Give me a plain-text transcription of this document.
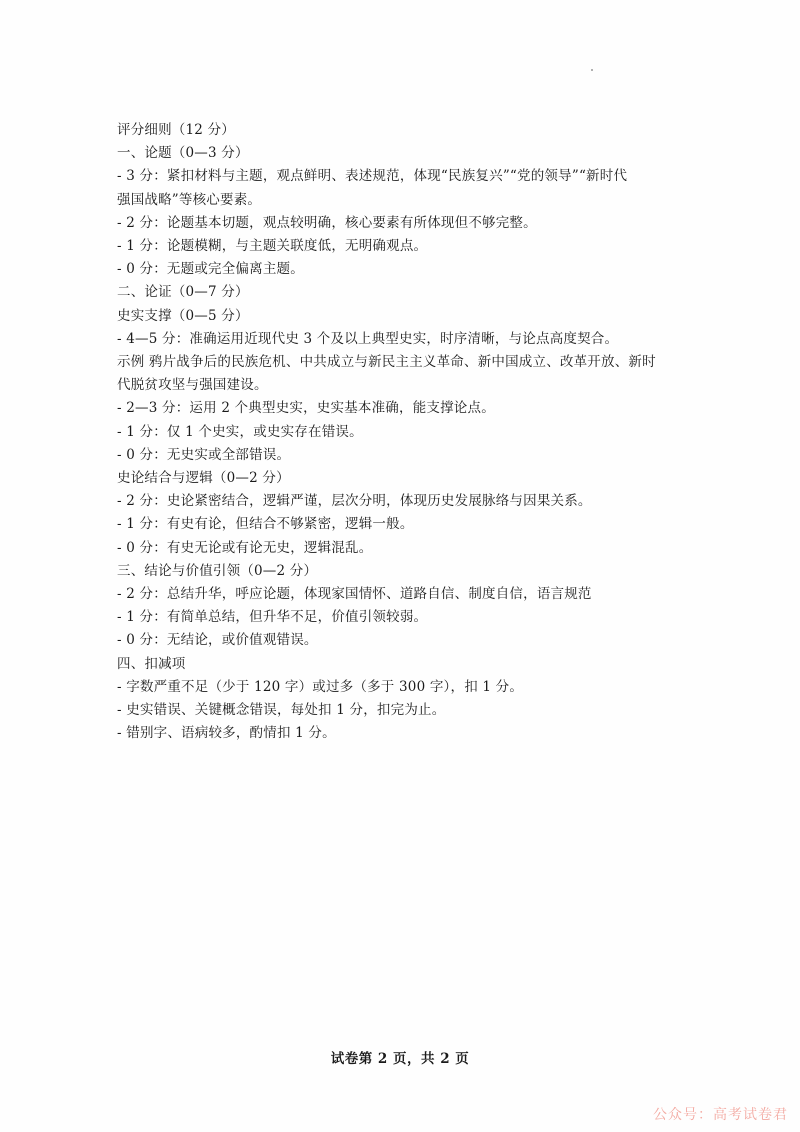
评分细则（12 分）

一、论题（0—3 分）

- 3 分：紧扣材料与主题，观点鲜明、表述规范，体现“民族复兴”“党的领导”“新时代

强国战略”等核心要素。

- 2 分：论题基本切题，观点较明确，核心要素有所体现但不够完整。

- 1 分：论题模糊，与主题关联度低，无明确观点。

- 0 分：无题或完全偏离主题。

二、论证（0—7 分）

史实支撑（0—5 分）

- 4—5 分：准确运用近现代史 3 个及以上典型史实，时序清晰，与论点高度契合。

示例 鸦片战争后的民族危机、中共成立与新民主主义革命、新中国成立、改革开放、新时

代脱贫攻坚与强国建设。

- 2—3 分：运用 2 个典型史实，史实基本准确，能支撑论点。

- 1 分：仅 1 个史实，或史实存在错误。

- 0 分：无史实或全部错误。

史论结合与逻辑（0—2 分）

- 2 分：史论紧密结合，逻辑严谨，层次分明，体现历史发展脉络与因果关系。

- 1 分：有史有论，但结合不够紧密，逻辑一般。

- 0 分：有史无论或有论无史，逻辑混乱。

三、结论与价值引领（0—2 分）

- 2 分：总结升华，呼应论题，体现家国情怀、道路自信、制度自信，语言规范

- 1 分：有简单总结，但升华不足，价值引领较弱。

- 0 分：无结论，或价值观错误。

四、扣减项

- 字数严重不足（少于 120 字）或过多（多于 300 字），扣 1 分。

- 史实错误、关键概念错误，每处扣 1 分，扣完为止。

- 错别字、语病较多，酌情扣 1 分。

试卷第 2 页，共 2 页
公众号：高考试卷君
